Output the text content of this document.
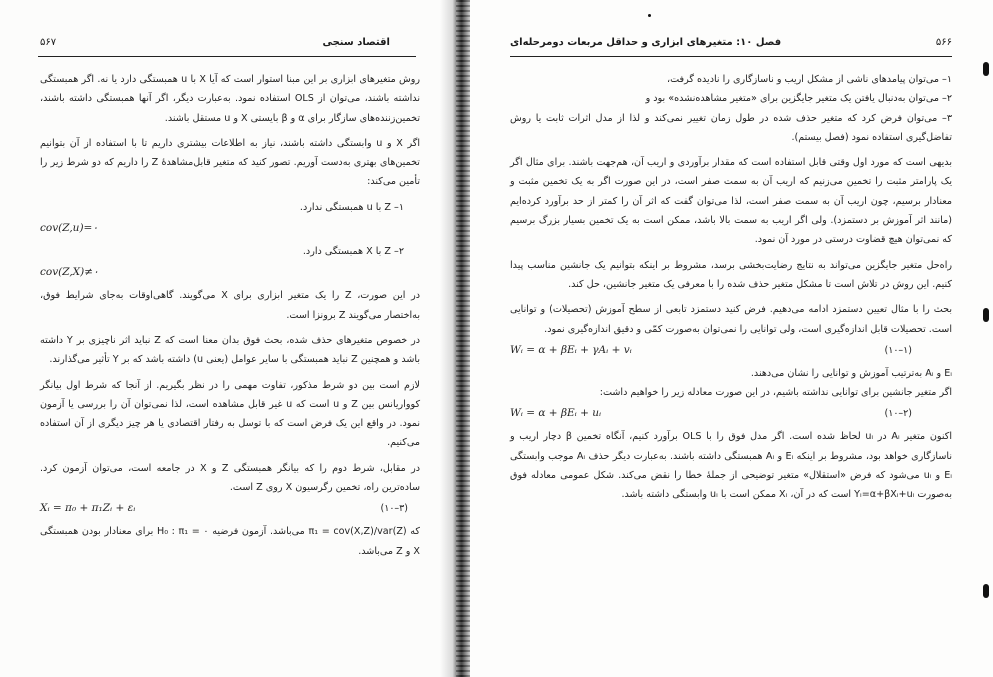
۵۶۷	اقتصاد سنجی

روش متغیرهای ابزاری بر این مبنا استوار است که آیا X با u همبستگی دارد یا نه. اگر همبستگی نداشته باشند، می‌توان از OLS استفاده نمود. به‌عبارت دیگر، اگر آنها همبستگی داشته باشند، تخمین‌زننده‌های سازگار برای α و β بایستی X و u مستقل باشند.

اگر X و u وابستگی داشته باشند، نیاز به اطلاعات بیشتری داریم تا با استفاده از آن بتوانیم تخمین‌های بهتری به‌دست آوریم. تصور کنید که متغیر قابل‌مشاهدهٔ Z را داریم که دو شرط زیر را تأمین می‌کند:

۱– Z با u همبستگی ندارد.

cov(Z,u)=۰

۲– Z با X همبستگی دارد.

cov(Z,X)≠۰

در این صورت، Z را یک متغیر ابزاری برای X می‌گویند. گاهی‌اوقات به‌جای شرایط فوق، به‌اختصار می‌گویند Z برونزا است.

در خصوص متغیرهای حذف شده، بحث فوق بدان معنا است که Z نباید اثر ناچیزی بر Y داشته باشد و همچنین Z نباید همبستگی با سایر عوامل (یعنی u) داشته باشد که بر Y تأثیر می‌گذارند.

لازم است بین دو شرط مذکور، تفاوت مهمی را در نظر بگیریم. از آنجا که شرط اول بیانگر کوواریانس بین Z و u است که u غیر قابل مشاهده است، لذا نمی‌توان آن را بررسی یا آزمون نمود. در واقع این یک فرض است که با توسل به رفتار اقتصادی یا هر چیز دیگری از آن استفاده می‌کنیم.

در مقابل، شرط دوم را که بیانگر همبستگی Z و X در جامعه است، می‌توان آزمون کرد. ساده‌ترین راه، تخمین رگرسیون X روی Z است.

Xᵢ = π₀ + π₁Zᵢ + εᵢ	(۱۰–۳)

که π₁ = cov(X,Z)/var(Z) می‌باشد. آزمون فرضیه H₀ : π₁ = ۰ برای معنادار بودن همبستگی X و Z می‌باشد.

فصل ۱۰: متغیرهای ابزاری و حداقل مربعات دومرحله‌ای	۵۶۶

۱– می‌توان پیامدهای ناشی از مشکل اریب و ناسازگاری را نادیده گرفت،

۲– می‌توان به‌دنبال یافتن یک متغیر جایگزین برای «متغیر مشاهده‌نشده» بود و

۳– می‌توان فرض کرد که متغیر حذف شده در طول زمان تغییر نمی‌کند و لذا از مدل اثرات ثابت یا روش تفاضل‌گیری استفاده نمود (فصل بیستم).

بدیهی است که مورد اول وقتی قابل استفاده است که مقدار برآوردی و اریب آن، هم‌جهت باشند. برای مثال اگر یک پارامتر مثبت را تخمین می‌زنیم که اریب آن به سمت صفر است، در این صورت اگر به یک تخمین مثبت و معنادار برسیم، چون اریب آن به سمت صفر است، لذا می‌توان گفت که اثر آن را کمتر از حد برآورد کرده‌ایم (مانند اثر آموزش بر دستمزد). ولی اگر اریب به سمت بالا باشد، ممکن است به یک تخمین بسیار بزرگ برسیم که نمی‌توان هیچ قضاوت درستی در مورد آن نمود.

راه‌حل متغیر جایگزین می‌تواند به نتایج رضایت‌بخشی برسد، مشروط بر اینکه بتوانیم یک جانشین مناسب پیدا کنیم. این روش در تلاش است تا مشکل متغیر حذف شده را با معرفی یک متغیر جانشین، حل کند.

بحث را با مثال تعیین دستمزد ادامه می‌دهیم. فرض کنید دستمزد تابعی از سطح آموزش (تحصیلات) و توانایی است. تحصیلات قابل اندازه‌گیری است، ولی توانایی را نمی‌توان به‌صورت کمّی و دقیق اندازه‌گیری نمود.

Wᵢ = α + βEᵢ + γAᵢ + vᵢ	(۱۰–۱)

Eᵢ و Aᵢ به‌ترتیب آموزش و توانایی را نشان می‌دهند.

اگر متغیر جانشین برای توانایی نداشته باشیم، در این صورت معادله زیر را خواهیم داشت:

Wᵢ = α + βEᵢ + uᵢ	(۱۰–۲)

اکنون متغیر Aᵢ در uᵢ لحاظ شده است. اگر مدل فوق را با OLS برآورد کنیم، آنگاه تخمین β دچار اریب و ناسازگاری خواهد بود، مشروط بر اینکه Eᵢ و Aᵢ همبستگی داشته باشند. به‌عبارت دیگر حذف Aᵢ موجب وابستگی Eᵢ و uᵢ می‌شود که فرض «استقلال» متغیر توضیحی از جملهٔ خطا را نقض می‌کند. شکل عمومی معادله فوق به‌صورت Yᵢ=α+βXᵢ+uᵢ است که در آن، Xᵢ ممکن است با uᵢ وابستگی داشته باشد.
